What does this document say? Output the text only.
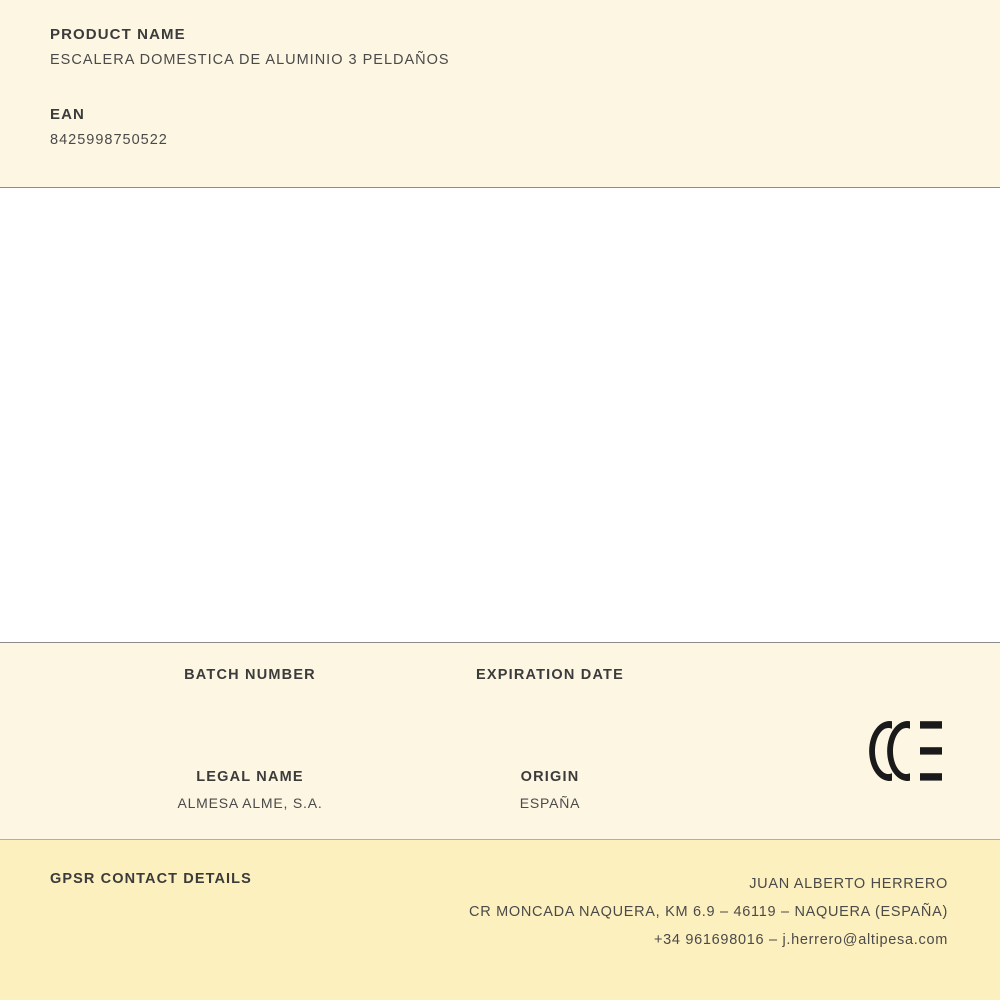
PRODUCT NAME
ESCALERA DOMESTICA DE ALUMINIO 3 PELDAÑOS
EAN
8425998750522
BATCH NUMBER	EXPIRATION DATE
LEGAL NAME
ALMESA ALME, S.A.
ORIGIN
ESPAÑA
GPSR CONTACT DETAILS	JUAN ALBERTO HERRERO
CR MONCADA NAQUERA, KM 6.9 – 46119 – NAQUERA (ESPAÑA)
+34 961698016 – j.herrero@altipesa.com
